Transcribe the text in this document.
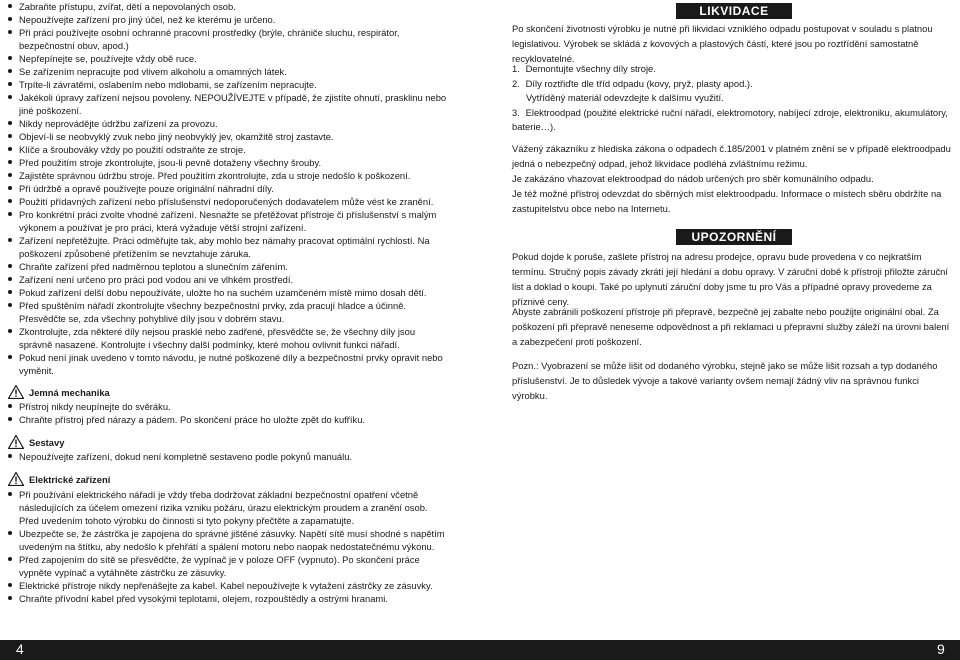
Zabraňte přístupu, zvířat, dětí a nepovolaných osob.
Nepoužívejte zařízení pro jiný účel, než ke kterému je určeno.
Při práci používejte osobní ochranné pracovní prostředky (brýle, chrániče sluchu, respirátor, bezpečnostní obuv, apod.)
Nepřepínejte se, používejte vždy obě ruce.
Se zařízením nepracujte pod vlivem alkoholu a omamných látek.
Trpíte-li závratěmi, oslabením nebo mdlobami, se zařízením nepracujte.
Jakékoli úpravy zařízení nejsou povoleny. NEPOUŽÍVEJTE v případě, že zjistíte ohnutí, prasklinu nebo jiné poškození.
Nikdy neprovádějte údržbu zařízení za provozu.
Objeví-li se neobvyklý zvuk nebo jiný neobvyklý jev, okamžitě stroj zastavte.
Klíče a šroubováky vždy po použití odstraňte ze stroje.
Před použitím stroje zkontrolujte, jsou-li pevně dotaženy všechny šrouby.
Zajistěte správnou údržbu stroje. Před použitím zkontrolujte, zda u stroje nedošlo k poškození.
Při údržbě a opravě používejte pouze originální náhradní díly.
Použití přídavných zařízení nebo příslušenství nedoporučených dodavatelem může vést ke zranění.
Pro konkrétní práci zvolte vhodné zařízení. Nesnažte se přetěžovat přístroje či příslušenství s malým výkonem a používat je pro práci, která vyžaduje větší strojní zařízení.
Zařízení nepřetěžujte. Práci odměřujte tak, aby mohlo bez námahy pracovat optimální rychlostí. Na poškození způsobené přetížením se nevztahuje záruka.
Chraňte zařízení před nadměrnou teplotou a slunečním zářením.
Zařízení není určeno pro práci pod vodou ani ve vlhkém prostředí.
Pokud zařízení delší dobu nepoužíváte, uložte ho na suchém uzamčeném místě mimo dosah dětí.
Před spuštěním nářadí zkontrolujte všechny bezpečnostní prvky, zda pracují hladce a účinně. Přesvědčte se, zda všechny pohyblivé díly jsou v dobrém stavu.
Zkontrolujte, zda některé díly nejsou prasklé nebo zadřené, přesvědčte se, že všechny díly jsou správně nasazené. Kontrolujte i všechny další podmínky, které mohou ovlivnit funkci nářadí.
Pokud není jinak uvedeno v tomto návodu, je nutné poškozené díly a bezpečnostní prvky opravit nebo vyměnit.
Jemná mechanika
Přístroj nikdy neupínejte do svěráku.
Chraňte přístroj před nárazy a pádem. Po skončení práce ho uložte zpět do kufříku.
Sestavy
Nepoužívejte zařízení, dokud není kompletně sestaveno podle pokynů manuálu.
Elektrické zařízení
Při používání elektrického nářadí je vždy třeba dodržovat základní bezpečnostní opatření včetně následujících za účelem omezení rizika vzniku požáru, úrazu elektrickým proudem a zranění osob. Před uvedením tohoto výrobku do činnosti si tyto pokyny přečtěte a zapamatujte.
Ubezpečte se, že zástrčka je zapojena do správné jištěné zásuvky. Napětí sítě musí shodné s napětím uvedeným na štítku, aby nedošlo k přehřátí a spálení motoru nebo naopak nedostatečnému výkonu.
Před zapojením do sítě se přesvědčte, že vypínač je v poloze OFF (vypnuto). Po skončení práce vypněte vypínač a vytáhněte zástrčku ze zásuvky.
Elektrické přístroje nikdy nepřenášejte za kabel. Kabel nepoužívejte k vytažení zástrčky ze zásuvky.
Chraňte přívodní kabel před vysokými teplotami, olejem, rozpouštědly a ostrými hranami.
LIKVIDACE

Po skončení životnosti výrobku je nutné při likvidaci vzniklého odpadu postupovat v souladu s platnou legislativou. Výrobek se skládá z kovových a plastových částí, které jsou po roztřídění samostatně recyklovatelné.

1. Demontujte všechny díly stroje.
2. Díly roztřiďte dle tříd odpadu (kovy, pryž, plasty apod.).
Vytříděný materiál odevzdejte k dalšímu využití.
3. Elektroodpad (použité elektrické ruční nářadí, elektromotory, nabíjecí zdroje, elektroniku, akumulátory, baterie…).

Vážený zákazníku z hlediska zákona o odpadech č.185/2001 v platném znění se v případě elektroodpadu jedná o nebezpečný odpad, jehož likvidace podléhá zvláštnímu režimu.

Je zakázáno vhazovat elektroodpad do nádob určených pro sběr komunálního odpadu.

Je též možné přístroj odevzdat do sběrných míst elektroodpadu. Informace o místech sběru obdržíte na zastupitelstvu obce nebo na Internetu.

UPOZORNĚNÍ

Pokud dojde k poruše, zašlete přístroj na adresu prodejce, opravu bude provedena v co nejkratším termínu. Stručný popis závady zkrátí její hledání a dobu opravy. V záruční době k přístroji přiložte záruční list a doklad o koupi. Také po uplynutí záruční doby jsme tu pro Vás a případné opravy provedeme za příznivé ceny.

Abyste zabránili poškození přístroje při přepravě, bezpečně jej zabalte nebo použijte originální obal. Za poškození při přepravě neneseme odpovědnost a při reklamaci u přepravní služby záleží na úrovni balení a zabezpečení proti poškození.

Pozn.: Vyobrazení se může lišit od dodaného výrobku, stejně jako se může lišit rozsah a typ dodaného příslušenství. Je to důsledek vývoje a takové varianty ovšem nemají žádný vliv na správnou funkci výrobku.

4	9
